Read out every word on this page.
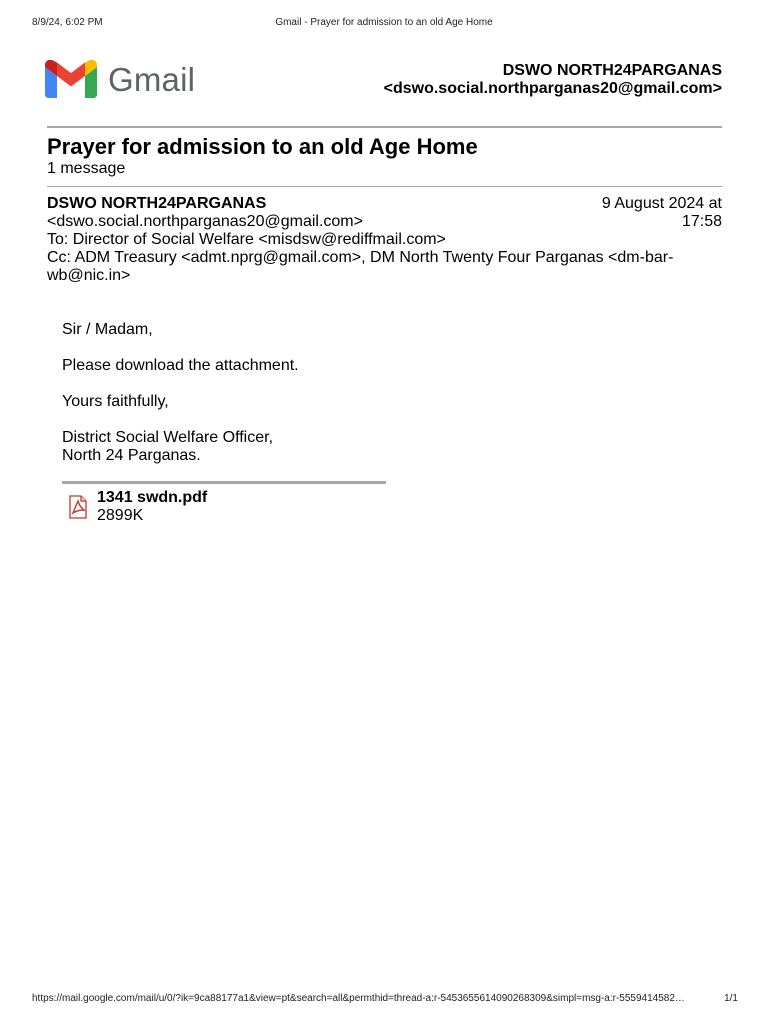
8/9/24, 6:02 PM	Gmail - Prayer for admission to an old Age Home
Gmail	DSWO NORTH24PARGANAS
<dswo.social.northparganas20@gmail.com>
Prayer for admission to an old Age Home
1 message
9 August 2024 at
17:58
DSWO NORTH24PARGANAS
<dswo.social.northparganas20@gmail.com>
To: Director of Social Welfare <misdsw@rediffmail.com>
Cc: ADM Treasury <admt.nprg@gmail.com>, DM North Twenty Four Parganas <dm-bar-wb@nic.in>

Sir / Madam,

Please download the attachment.

Yours faithfully,

District Social Welfare Officer,

North 24 Parganas.

1341 swdn.pdf
2899K
https://mail.google.com/mail/u/0/?ik=9ca88177a1&view=pt&search=all&permthid=thread-a:r-5453655614090268309&simpl=msg-a:r-5559414582…	1/1
